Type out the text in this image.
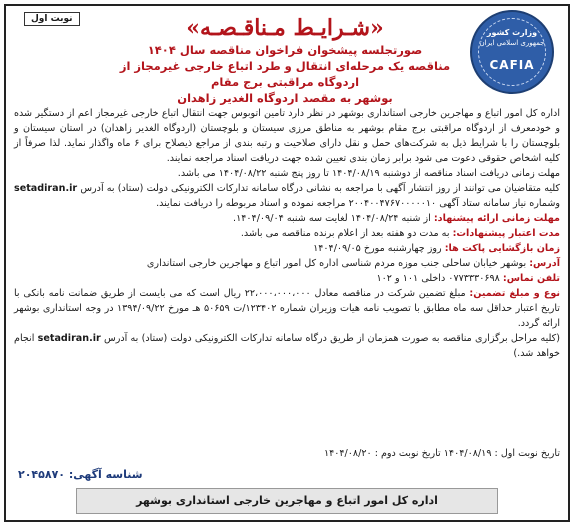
نوبت اول
وزارت کشور
جمهوری اسلامی ایران
CAFIA
«شـرایـط مـناقـصـه»
صورتجلسه پیشخوان فراخوان مناقصه سال ۱۴۰۴
مناقصه یک مرحله‌ای انتقال و طرد اتباع خارجی غیرمجاز از اردوگاه مراقبتی برج مقام
بوشهر به مقصد اردوگاه الغدیر زاهدان

اداره کل امور اتباع و مهاجرین خارجی استانداری بوشهر در نظر دارد تامین اتوبوس جهت انتقال اتباع خارجی غیرمجاز اعم از دستگیر شده و خودمعرف از اردوگاه مراقبتی برج مقام بوشهر به مناطق مرزی سیستان و بلوچستان (اردوگاه الغدیر زاهدان) در استان سیستان و بلوچستان را با شرایط ذیل به شرکت‌های حمل و نقل دارای صلاحیت و رتبه بندی از مراجع ذیصلاح برای ۶ ماه واگذار نماید. لذا صرفاً از کلیه اشخاص حقوقی دعوت می شود برابر زمان بندی تعیین شده جهت دریافت اسناد مراجعه نمایند.

مهلت زمانی دریافت اسناد مناقصه از دوشنبه ۱۴۰۴/۰۸/۱۹ تا روز پنج شنبه ۱۴۰۴/۰۸/۲۲ می باشد.

کلیه متقاضیان می توانند از روز انتشار آگهی با مراجعه به نشانی درگاه سامانه تدارکات الکترونیکی دولت (ستاد) به آدرس setadiran.ir وشماره نیاز سامانه ستاد آگهی ۲۰۰۴۰۰۴۷۶۷۰۰۰۰۰۱۰ مراجعه نموده و اسناد مربوطه را دریافت نمایند.

مهلت زمانی ارائه پیشنهاد: از شنبه ۱۴۰۴/۰۸/۲۴ لغایت سه شنبه ۱۴۰۴/۰۹/۰۴.

مدت اعتبار پیشنهادات: به مدت دو هفته بعد از اعلام برنده مناقصه می باشد.

زمان بازگشایی پاکت ها: روز چهارشنبه مورخ ۱۴۰۴/۰۹/۰۵

آدرس: بوشهر خیابان ساحلی جنب موزه مردم شناسی اداره کل امور اتباع و مهاجرین خارجی استانداری

تلفن تماس: ۰۷۷۳۳۳۰۶۹۸ داخلی ۱۰۱ و ۱۰۲

نوع و مبلغ تضمین: مبلغ تضمین شرکت در مناقصه معادل ۲۲،۰۰۰،۰۰۰،۰۰۰ ریال است که می بایست از طریق ضمانت نامه بانکی با تاریخ اعتبار حداقل سه ماه مطابق با تصویب نامه هیات وزیران شماره ۱۲۳۴۰۲/ت ۵۰۶۵۹ هـ مورخ ۱۳۹۴/۰۹/۲۲ در وجه استانداری بوشهر ارائه گردد.

(کلیه مراحل برگزاری مناقصه به صورت همزمان از طریق درگاه سامانه تدارکات الکترونیکی دولت (ستاد) به آدرس setadiran.ir انجام خواهد شد.)

تاریخ نوبت اول : ۱۴۰۴/۰۸/۱۹ تاریخ نوبت دوم : ۱۴۰۴/۰۸/۲۰
شناسه آگهی: ۲۰۴۵۸۷۰
اداره کل امور اتباع و مهاجرین خارجی استانداری بوشهر
